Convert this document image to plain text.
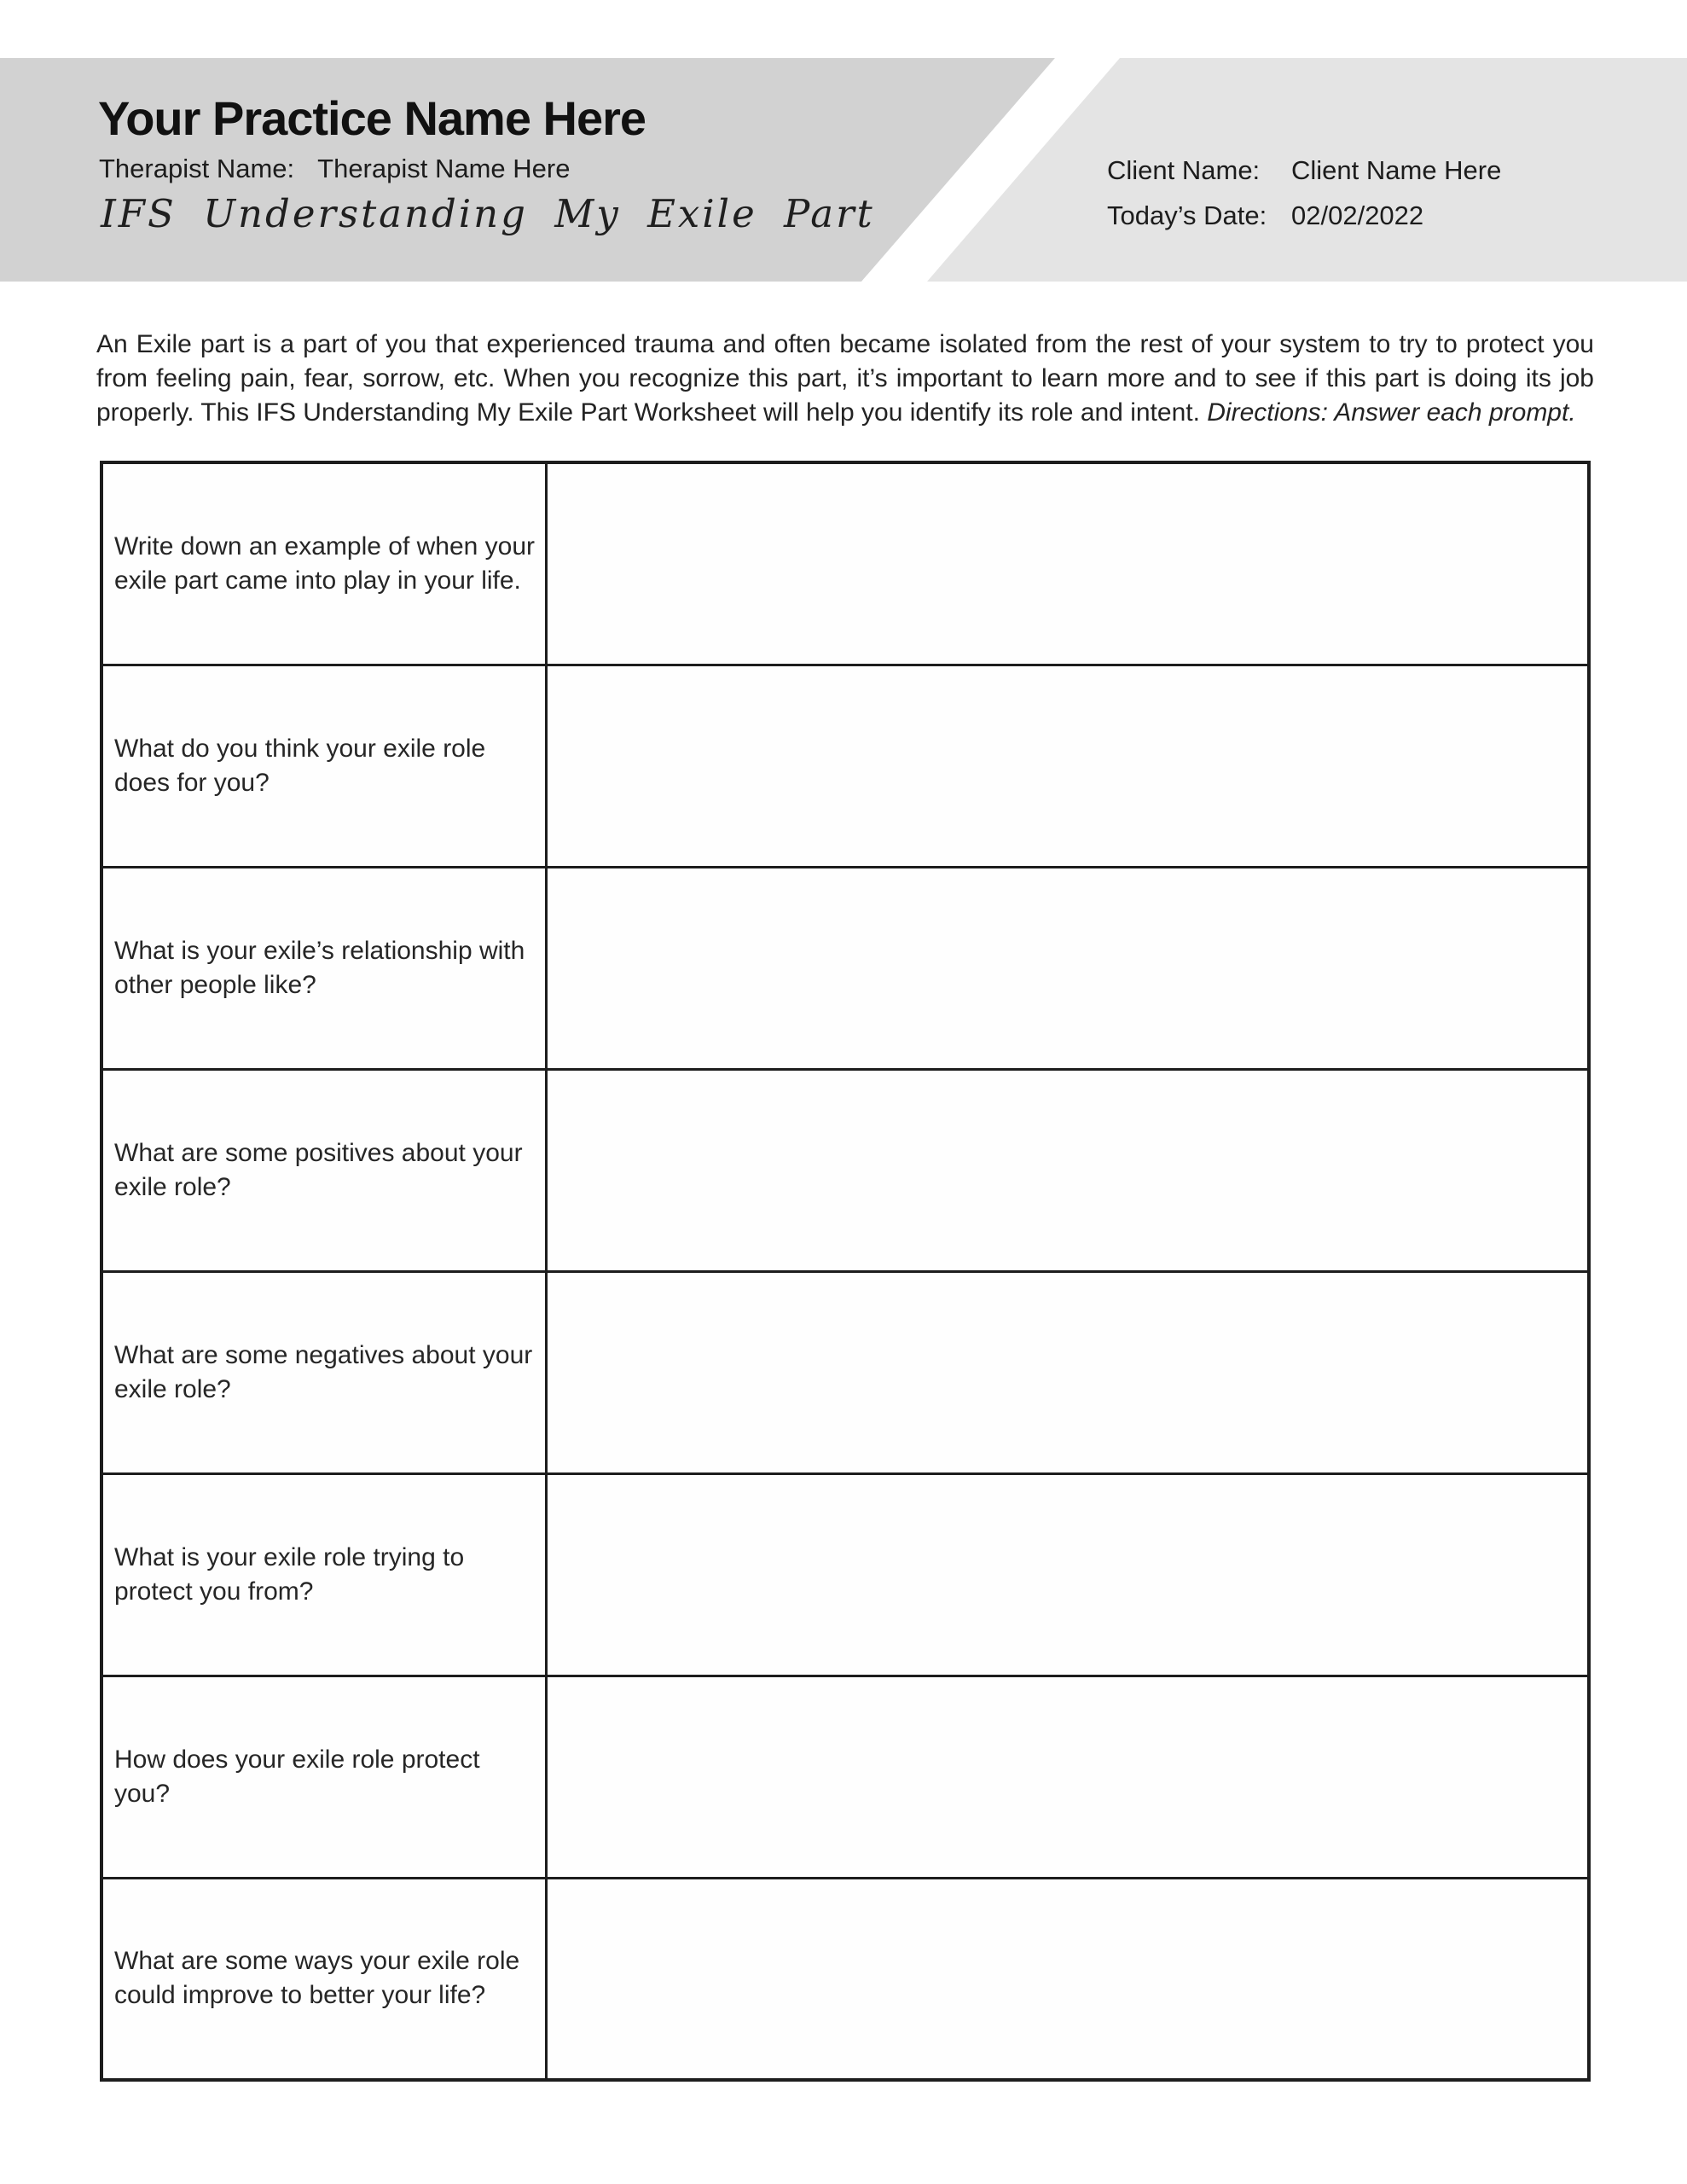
Your Practice Name Here
Therapist Name: Therapist Name Here
IFS Understanding My Exile Part
Client Name:	Client Name Here
Today’s Date: 02/02/2022
An Exile part is a part of you that experienced trauma and often became isolated from the rest of your system to try to protect you from feeling pain, fear, sorrow, etc. When you recognize this part, it’s important to learn more and to see if this part is doing its job properly. This IFS Understanding My Exile Part Worksheet will help you identify its role and intent. Directions: Answer each prompt.
Write down an example of when your exile part came into play in your life.	
What do you think your exile role does for you?	
What is your exile’s relationship with other people like?	
What are some positives about your exile role?	
What are some negatives about your exile role?	
What is your exile role trying to protect you from?	
How does your exile role protect you?	
What are some ways your exile role could improve to better your life?	
